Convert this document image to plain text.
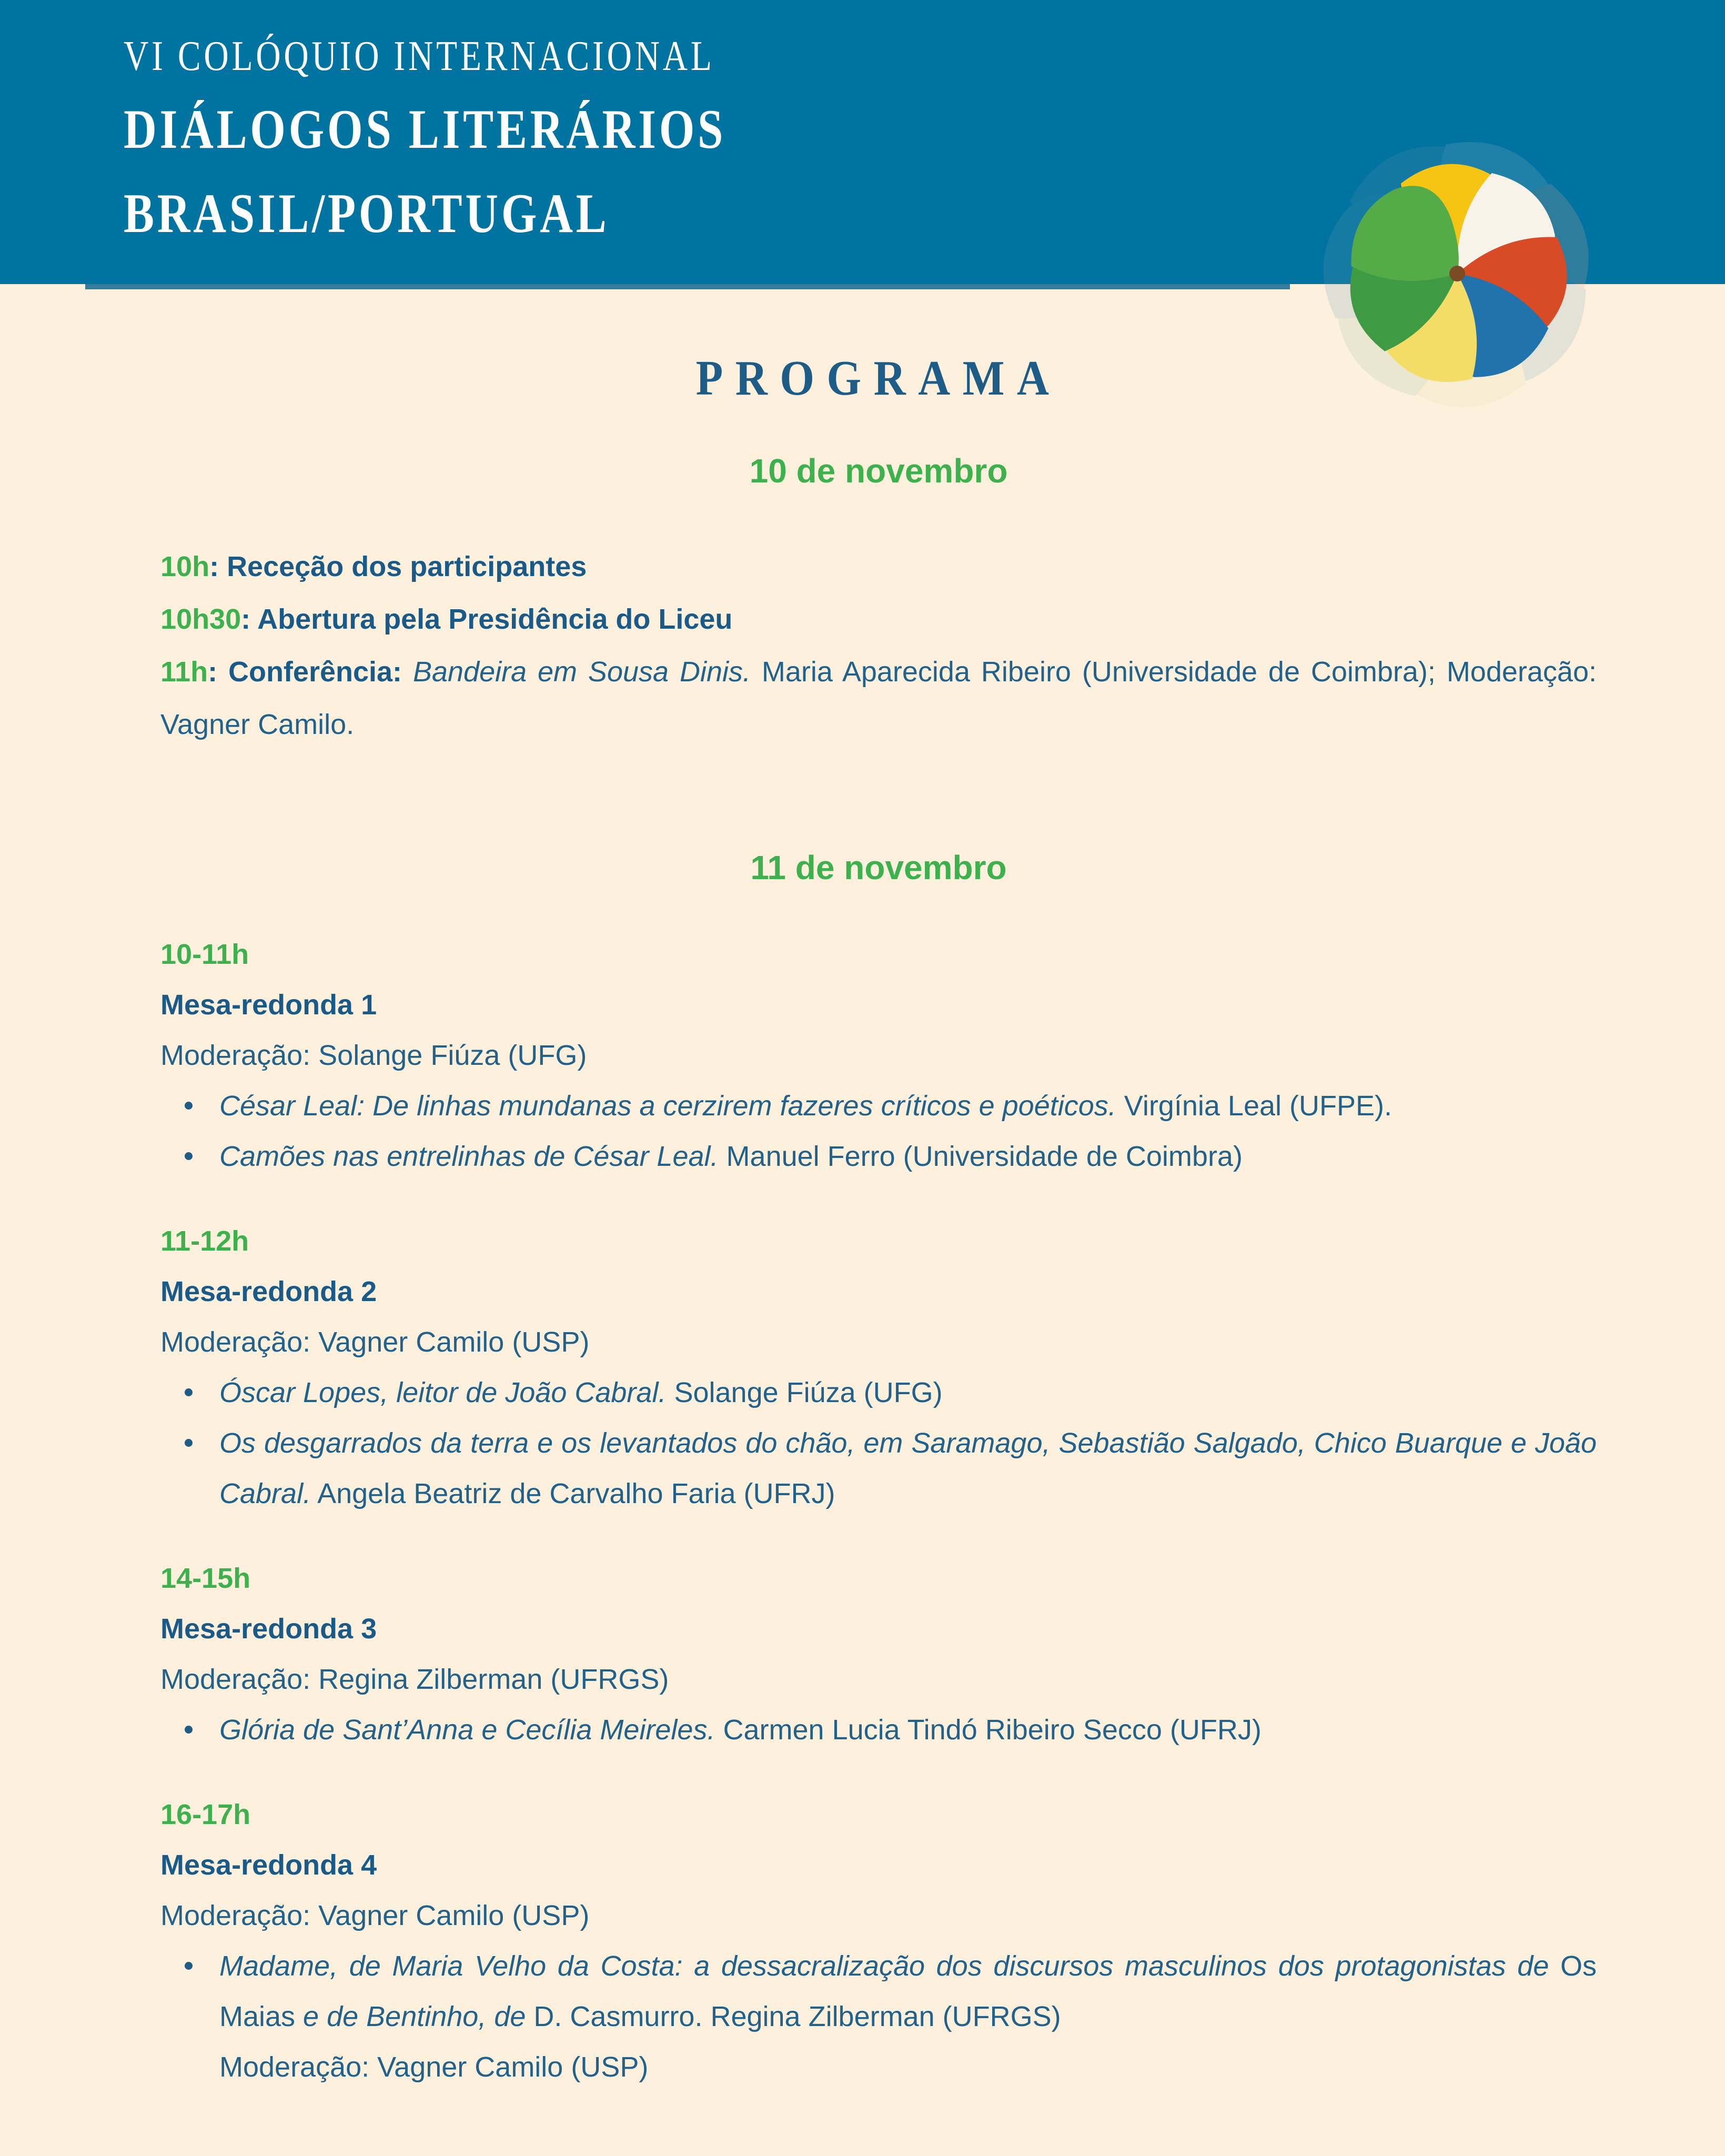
VI COLÓQUIO INTERNACIONAL
DIÁLOGOS LITERÁRIOS
BRASIL/PORTUGAL
PROGRAMA
10 de novembro

10h: Receção dos participantes

10h30: Abertura pela Presidência do Liceu

11h: Conferência: Bandeira em Sousa Dinis. Maria Aparecida Ribeiro (Universidade de Coimbra); Moderação: Vagner Camilo.

11 de novembro
10-11h
Mesa-redonda 1
Moderação: Solange Fiúza (UFG)
César Leal: De linhas mundanas a cerzirem fazeres críticos e poéticos. Virgínia Leal (UFPE).
Camões nas entrelinhas de César Leal. Manuel Ferro (Universidade de Coimbra)
11-12h
Mesa-redonda 2
Moderação: Vagner Camilo (USP)
Óscar Lopes, leitor de João Cabral. Solange Fiúza (UFG)
Os desgarrados da terra e os levantados do chão, em Saramago, Sebastião Salgado, Chico Buarque e João Cabral. Angela Beatriz de Carvalho Faria (UFRJ)
14-15h
Mesa-redonda 3
Moderação: Regina Zilberman (UFRGS)
Glória de Sant’Anna e Cecília Meireles. Carmen Lucia Tindó Ribeiro Secco (UFRJ)
16-17h
Mesa-redonda 4
Moderação: Vagner Camilo (USP)
Madame, de Maria Velho da Costa: a dessacralização dos discursos masculinos dos protagonistas de Os Maias e de Bentinho, de D. Casmurro. Regina Zilberman (UFRGS)
Moderação: Vagner Camilo (USP)
